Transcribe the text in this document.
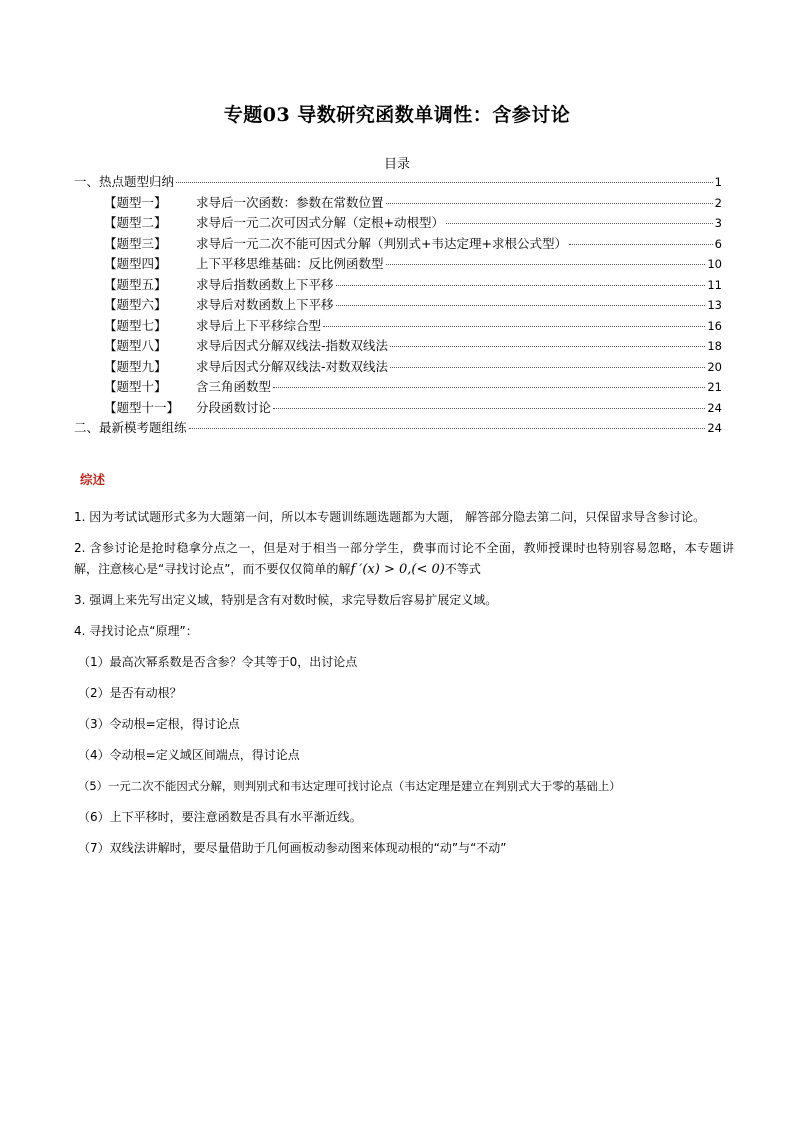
专题03 导数研究函数单调性：含参讨论
目录
一、热点题型归纳	1
【题型一】	求导后一次函数：参数在常数位置	2
【题型二】	求导后一元二次可因式分解（定根+动根型）	3
【题型三】	求导后一元二次不能可因式分解（判别式+韦达定理+求根公式型）	6
【题型四】	上下平移思维基础：反比例函数型	10
【题型五】	求导后指数函数上下平移	11
【题型六】	求导后对数函数上下平移	13
【题型七】	求导后上下平移综合型	16
【题型八】	求导后因式分解双线法-指数双线法	18
【题型九】	求导后因式分解双线法-对数双线法	20
【题型十】	含三角函数型	21
【题型十一】	分段函数讨论	24
二、最新模考题组练	24
综述
1. 因为考试试题形式多为大题第一问，所以本专题训练题选题都为大题， 解答部分隐去第二问，只保留求导含参讨论。
2. 含参讨论是抢时稳拿分点之一，但是对于相当一部分学生，费事而讨论不全面，教师授课时也特别容易忽略，本专题讲解，注意核心是“寻找讨论点”，而不要仅仅简单的解f ′(x) > 0,(< 0)不等式
3. 强调上来先写出定义域，特别是含有对数时候，求完导数后容易扩展定义域。
4. 寻找讨论点“原理”：
（1）最高次幂系数是否含参？令其等于0，出讨论点
（2）是否有动根？
（3）令动根=定根，得讨论点
（4）令动根=定义域区间端点，得讨论点
（5）一元二次不能因式分解，则判别式和韦达定理可找讨论点（韦达定理是建立在判别式大于零的基础上）
（6）上下平移时，要注意函数是否具有水平渐近线。
（7）双线法讲解时，要尽量借助于几何画板动参动图来体现动根的“动”与“不动”
